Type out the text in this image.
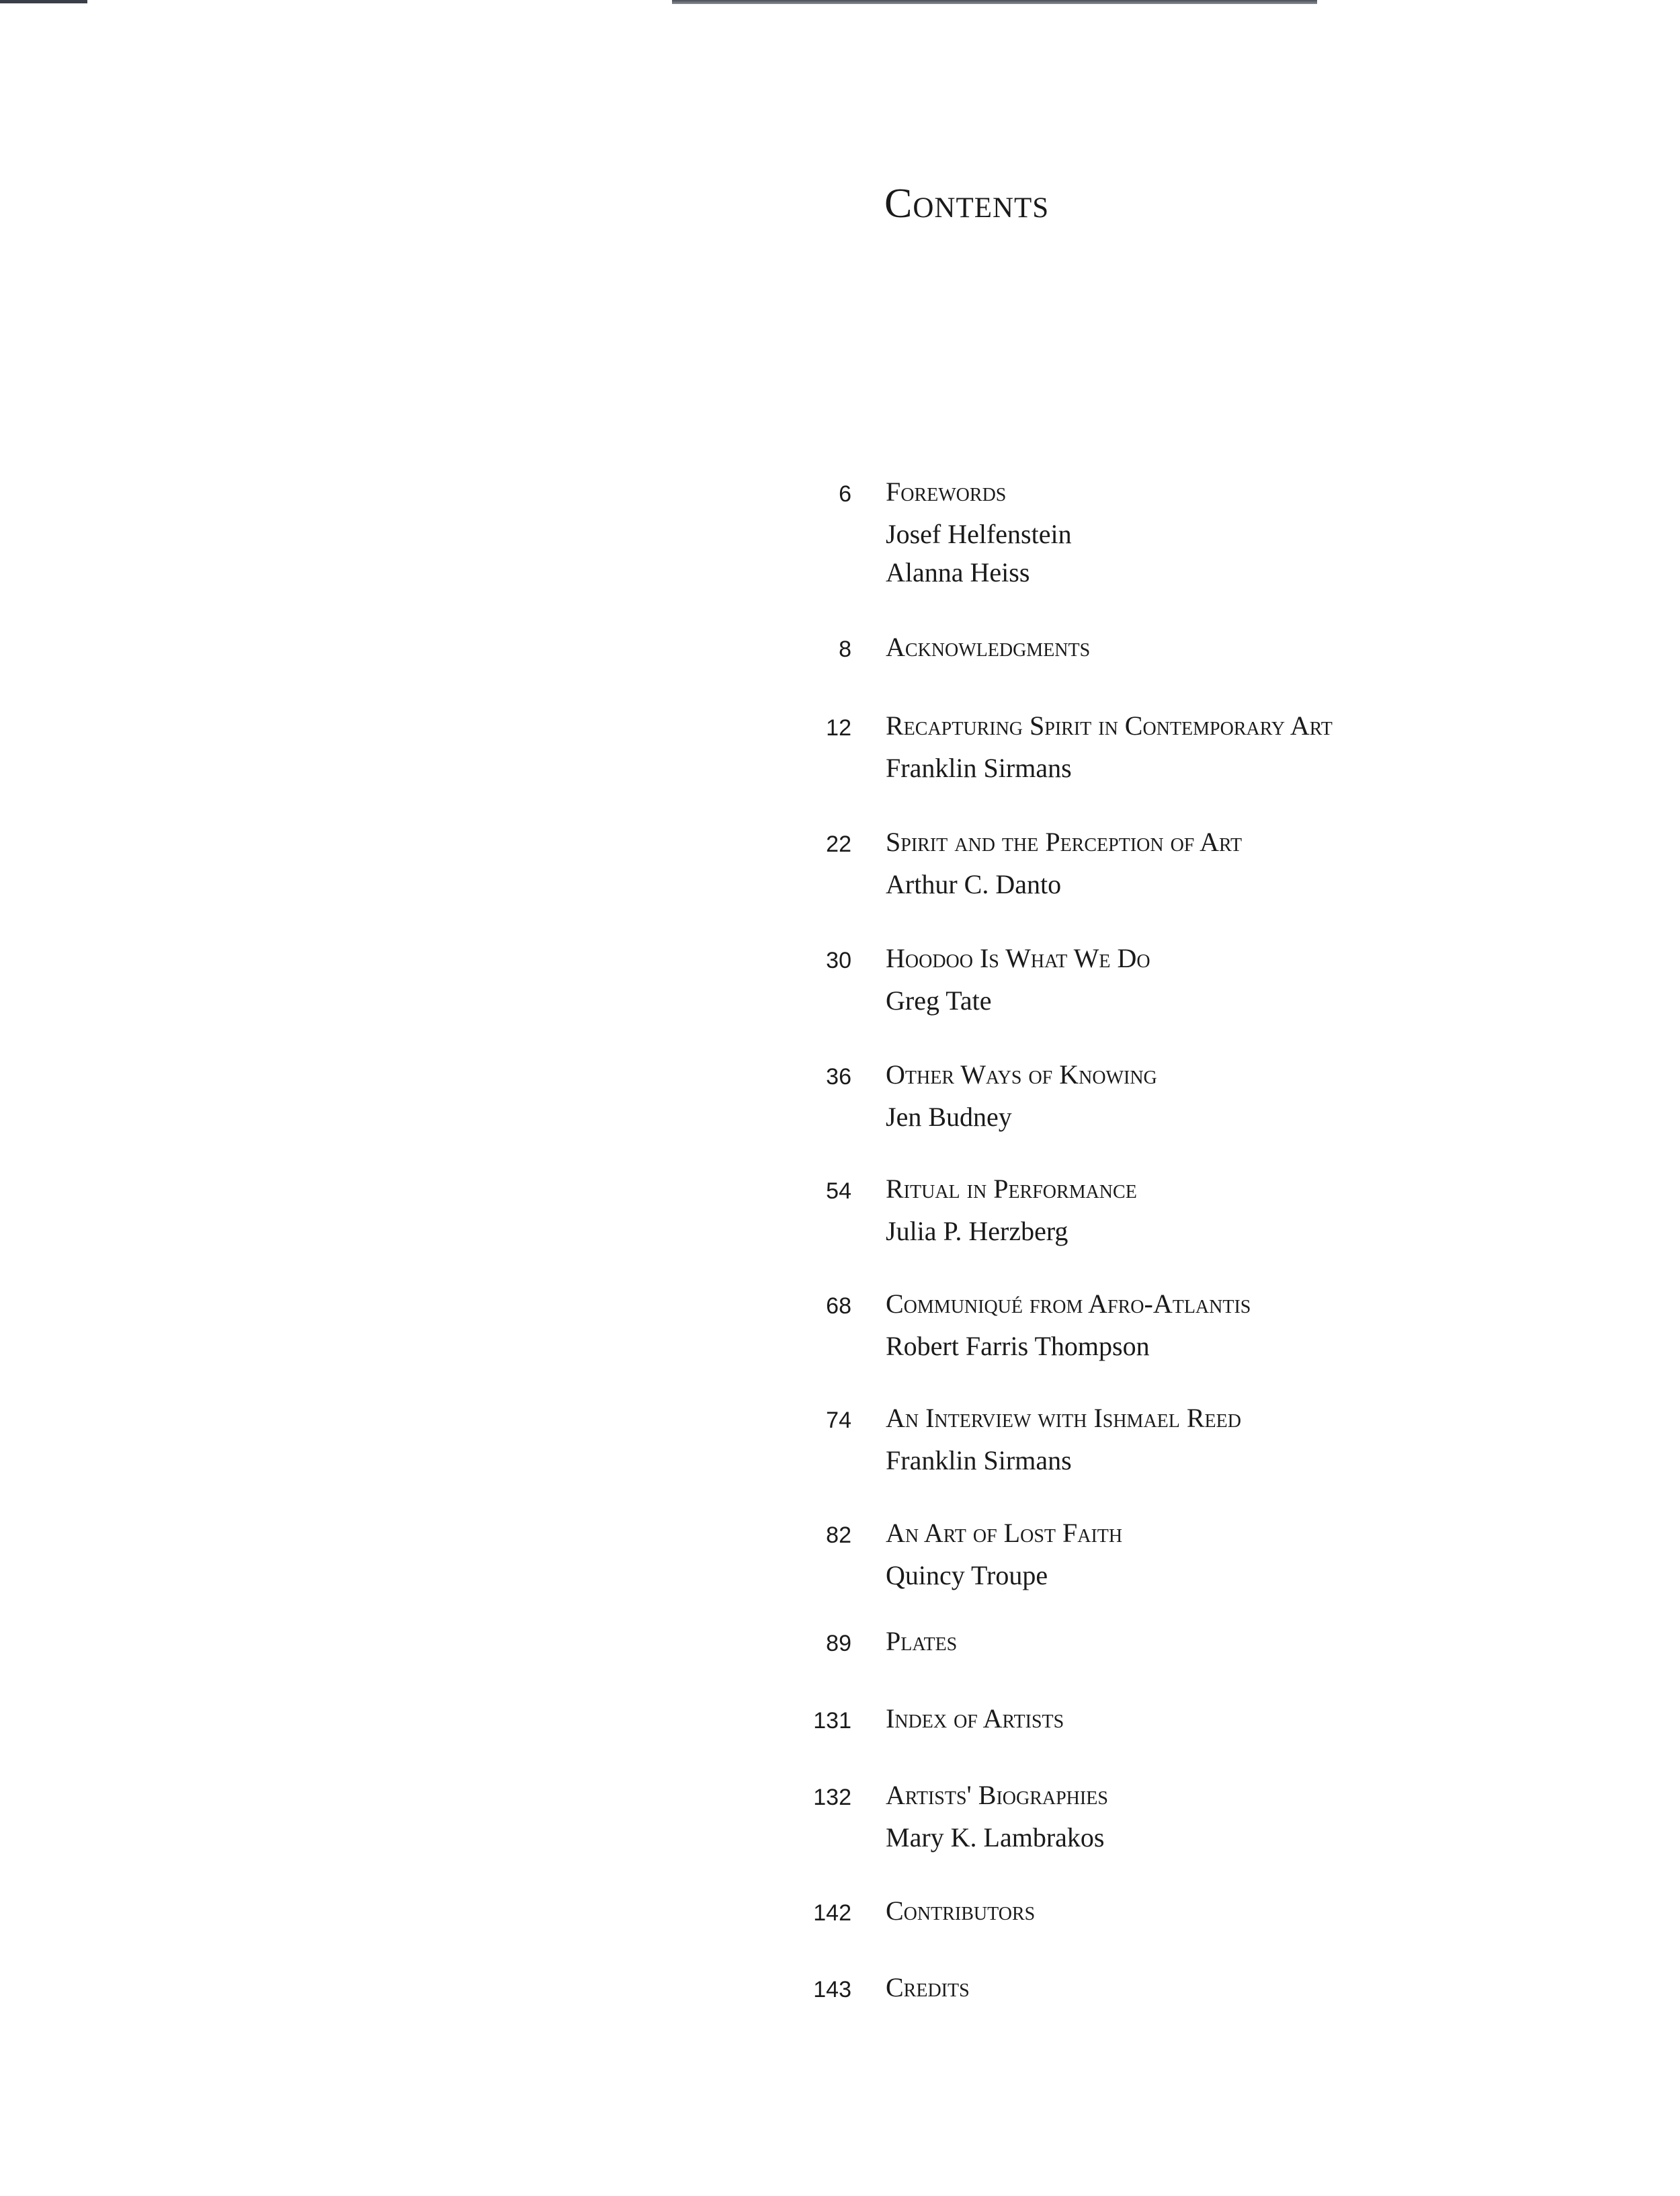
Contents
6 Forewords
Josef Helfenstein
Alanna Heiss
8 Acknowledgments
12 Recapturing Spirit in Contemporary Art
Franklin Sirmans
22 Spirit and the Perception of Art
Arthur C. Danto
30 Hoodoo Is What We Do
Greg Tate
36 Other Ways of Knowing
Jen Budney
54 Ritual in Performance
Julia P. Herzberg
68 Communiqué from Afro-Atlantis
Robert Farris Thompson
74 An Interview with Ishmael Reed
Franklin Sirmans
82 An Art of Lost Faith
Quincy Troupe
89 Plates
131 Index of Artists
132 Artists' Biographies
Mary K. Lambrakos
142 Contributors
143 Credits
